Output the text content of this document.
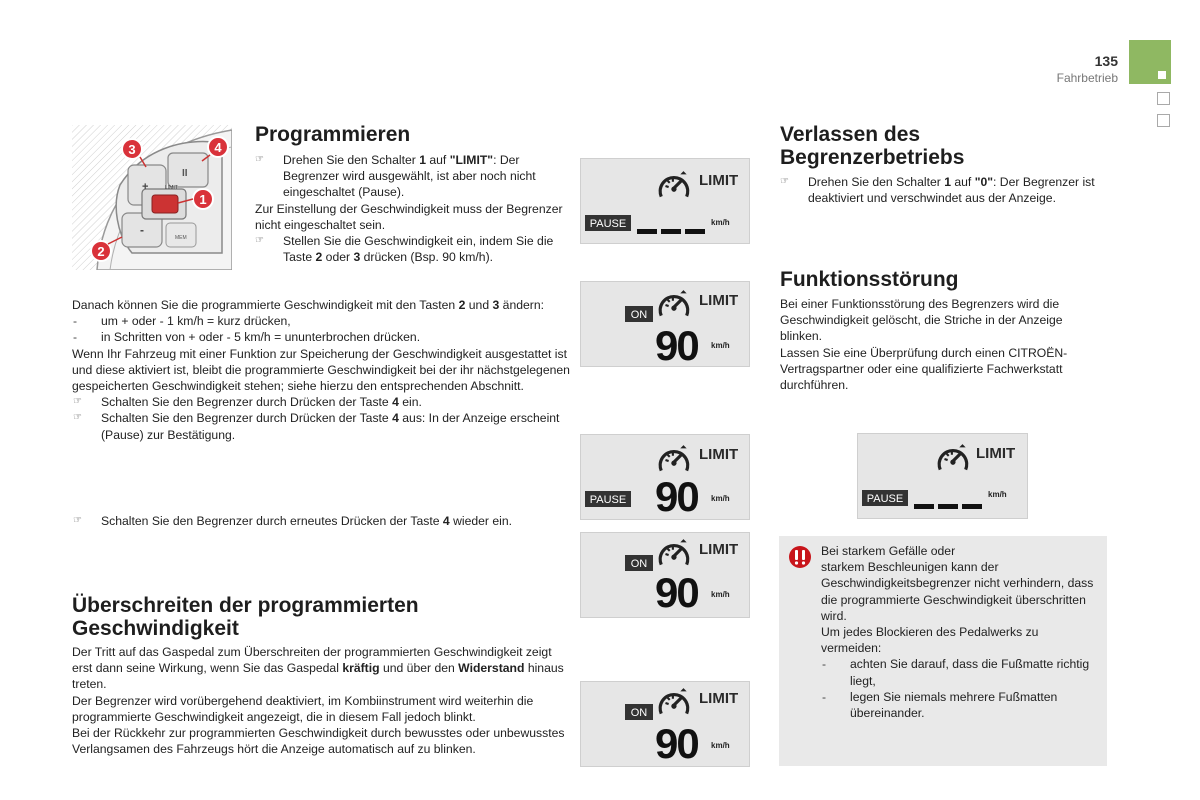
135
Fahrbetrieb
LIMIT
MEM
II
+
-
3	4
1
2
Programmieren
☞ Drehen Sie den Schalter 1 auf "LIMIT": Der Begrenzer wird ausgewählt, ist aber noch nicht eingeschaltet (Pause).

Zur Einstellung der Geschwindigkeit muss der Begrenzer nicht eingeschaltet sein.

☞ Stellen Sie die Geschwindigkeit ein, indem Sie die Taste 2 oder 3 drücken (Bsp. 90 km/h).

Danach können Sie die programmierte Geschwindigkeit mit den Tasten 2 und 3 ändern:

- um + oder - 1 km/h = kurz drücken,
- in Schritten von + oder - 5 km/h = ununterbrochen drücken.

Wenn Ihr Fahrzeug mit einer Funktion zur Speicherung der Geschwindigkeit ausgestattet ist und diese aktiviert ist, bleibt die programmierte Geschwindigkeit bei der ihr nächstgelegenen gespeicherten Geschwindigkeit stehen; siehe hierzu den entsprechenden Abschnitt.

☞ Schalten Sie den Begrenzer durch Drücken der Taste 4 ein.
☞ Schalten Sie den Begrenzer durch Drücken der Taste 4 aus: In der Anzeige erscheint (Pause) zur Bestätigung.
☞ Schalten Sie den Begrenzer durch erneutes Drücken der Taste 4 wieder ein.
Überschreiten der programmierten Geschwindigkeit

Der Tritt auf das Gaspedal zum Überschreiten der programmierten Geschwindigkeit zeigt erst dann seine Wirkung, wenn Sie das Gaspedal kräftig und über den Widerstand hinaus treten.

Der Begrenzer wird vorübergehend deaktiviert, im Kombiinstrument wird weiterhin die programmierte Geschwindigkeit angezeigt, die in diesem Fall jedoch blinkt.

Bei der Rückkehr zur programmierten Geschwindigkeit durch bewusstes oder unbewusstes Verlangsamen des Fahrzeugs hört die Anzeige automatisch auf zu blinken.

Verlassen des Begrenzerbetriebs
☞ Drehen Sie den Schalter 1 auf "0": Der Begrenzer ist deaktiviert und verschwindet aus der Anzeige.
Funktionsstörung

Bei einer Funktionsstörung des Begrenzers wird die Geschwindigkeit gelöscht, die Striche in der Anzeige blinken.

Lassen Sie eine Überprüfung durch einen CITROËN-Vertragspartner oder eine qualifizierte Fachwerkstatt durchführen.

Bei starkem Gefälle oder

starkem Beschleunigen kann der

Geschwindigkeitsbegrenzer nicht verhindern, dass die programmierte Geschwindigkeit überschritten wird.

Um jedes Blockieren des Pedalwerks zu vermeiden:

- achten Sie darauf, dass die Fußmatte richtig liegt,
- legen Sie niemals mehrere Fußmatten übereinander.
LIMIT
PAUSE	km/h
LIMIT
ON
90 km/h
LIMIT
PAUSE 90 km/h
LIMIT
ON
90 km/h
LIMIT
ON
90 km/h
LIMIT
PAUSE	km/h
